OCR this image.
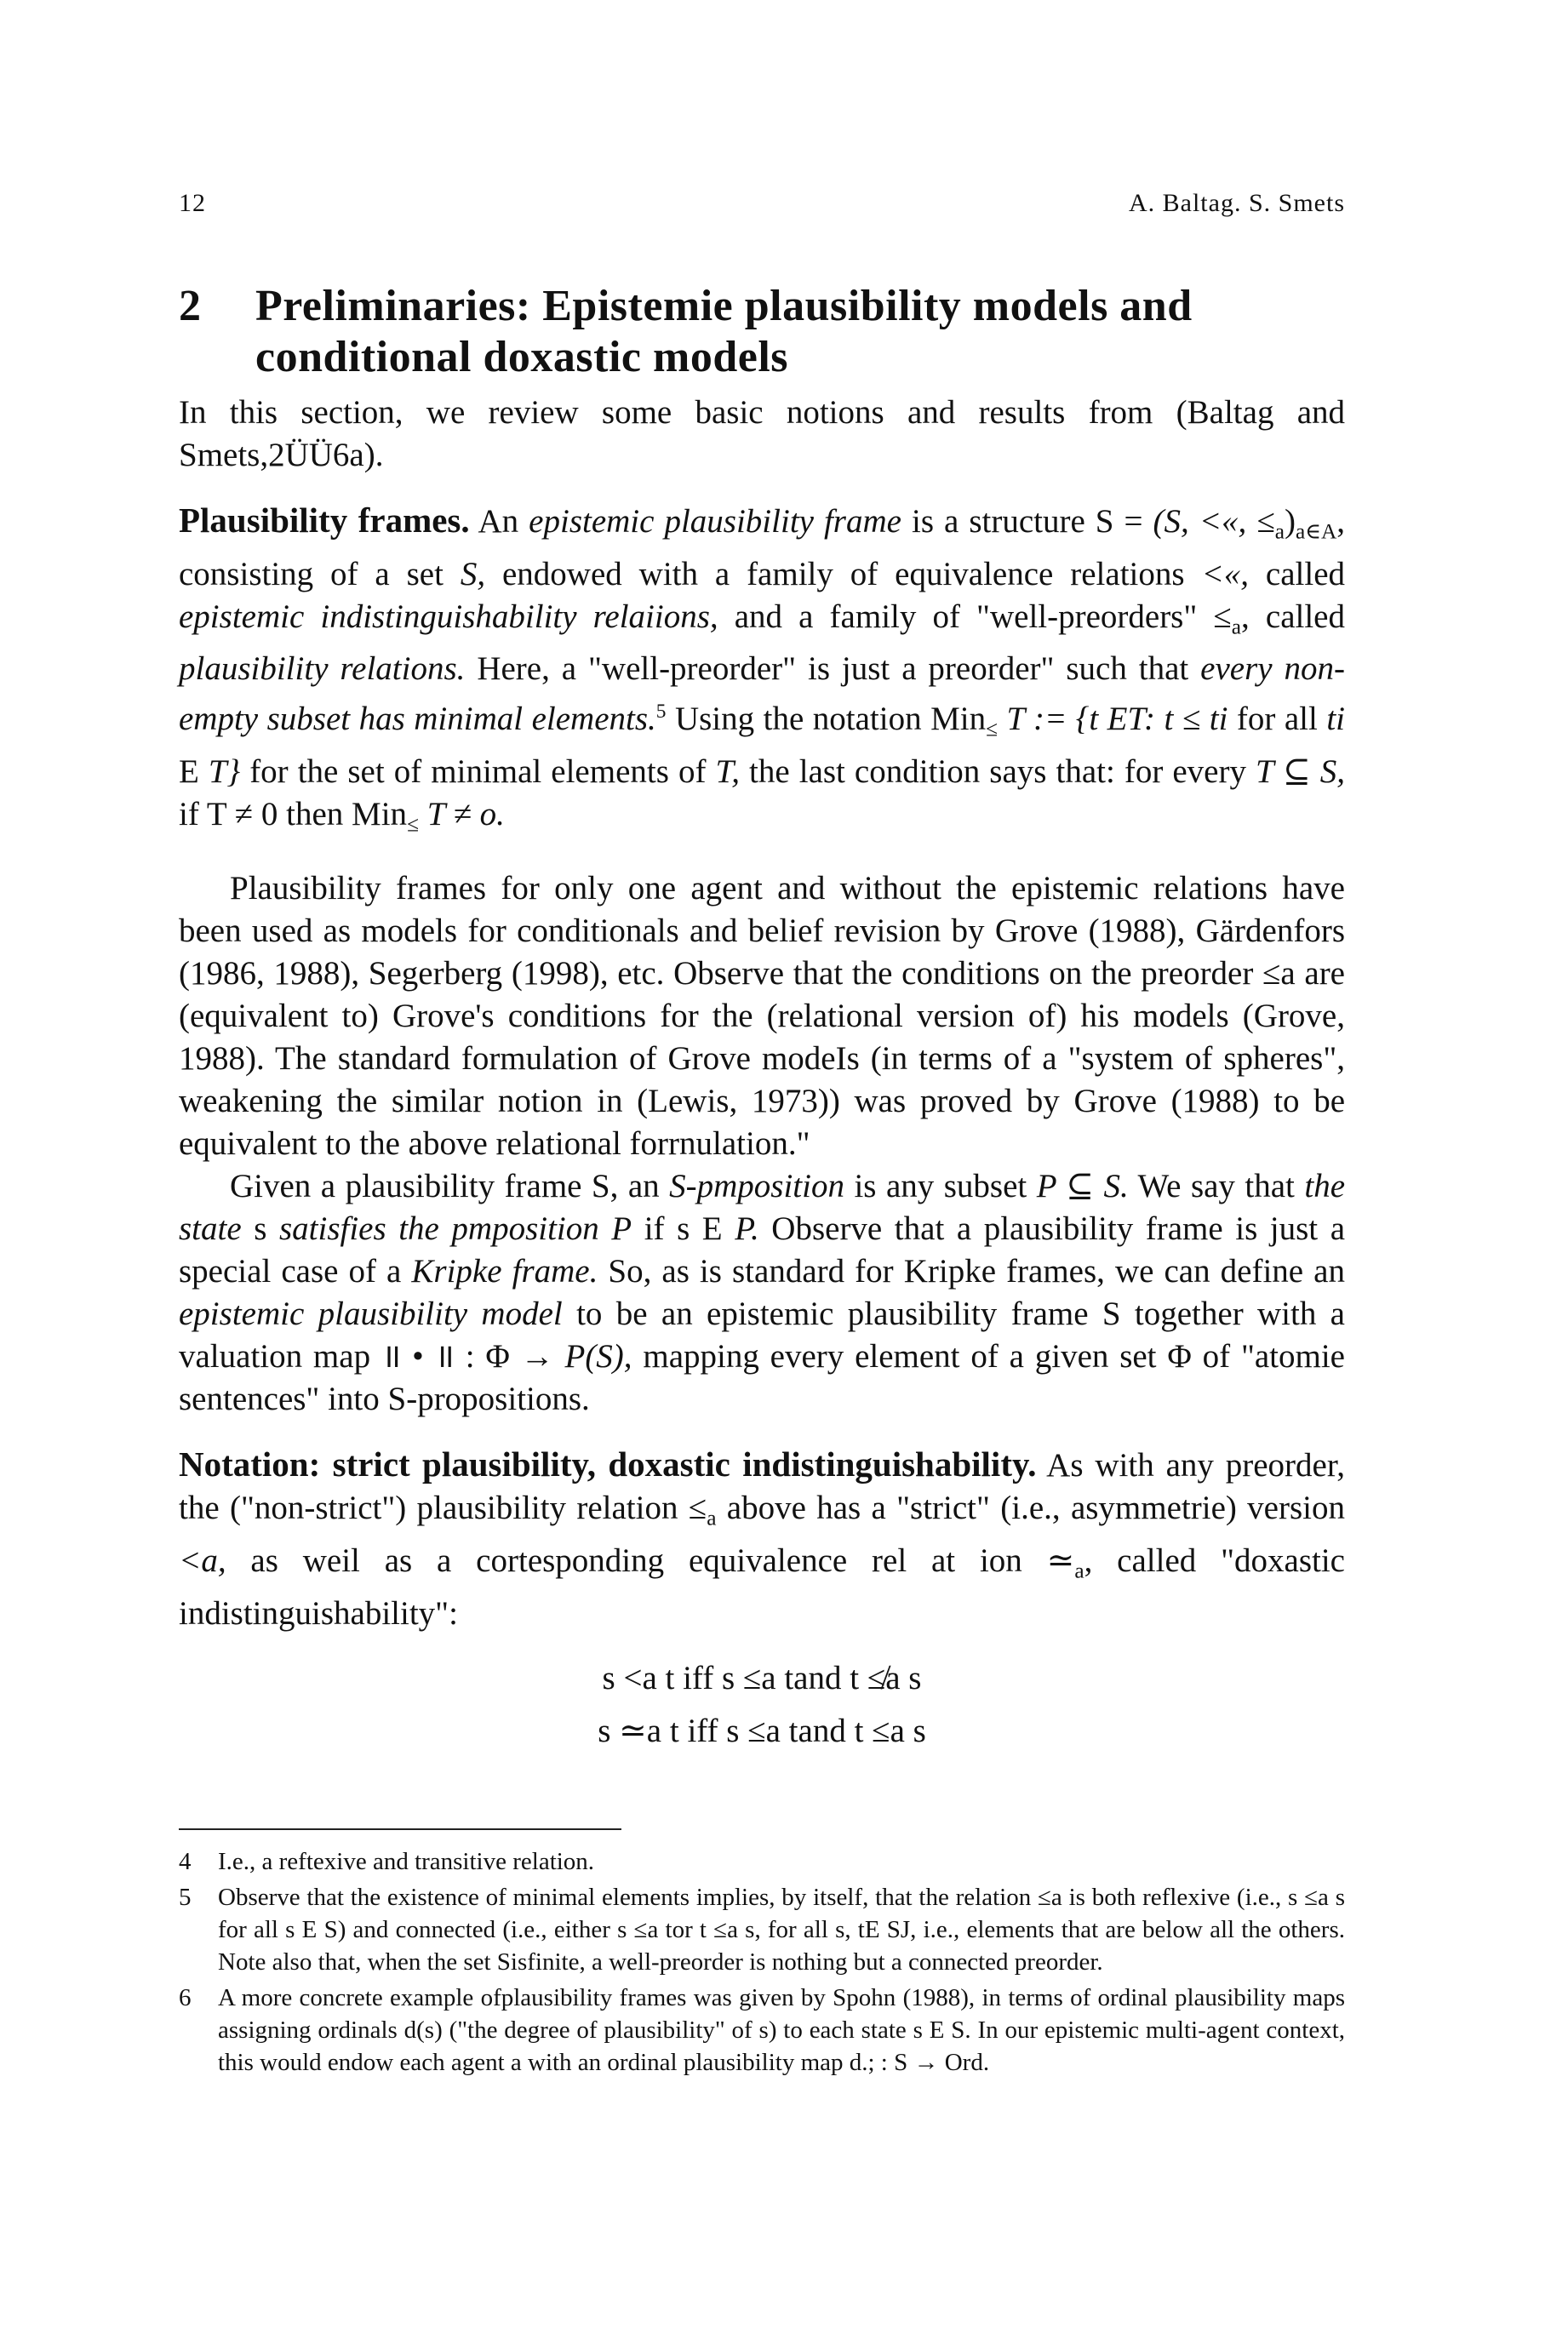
12	A. Baltag. S. Smets
2 Preliminaries: Epistemie plausibility models and conditional doxastic models

In this section, we review some basic notions and results from (Baltag and Smets,2ÜÜ6a).

Plausibility frames. An epistemic plausibility frame is a structure S = (S, <«, $\le_a)_{a\in A}$, consisting of a set S, endowed with a family of equivalence relations <«, called epistemic indistinguishability relaiions, and a family of "well-preorders" $\le_a$, called plausibility relations. Here, a "well-preorder" is just a preorder" such that every non-empty subset has minimal elements.$^5$ Using the notation Min$_\le$ T := {t ET: t ≤ ti for all ti E T} for the set of minimal elements of T, the last condition says that: for every T ⊆ S, if T ≠ 0 then Min$_\le$ T ≠ o.

Plausibility frames for only one agent and without the epistemic relations have been used as models for conditionals and belief revision by Grove (1988), Gärdenfors (1986, 1988), Segerberg (1998), etc. Observe that the conditions on the preorder ≤a are (equivalent to) Grove's conditions for the (relational version of) his models (Grove, 1988). The standard formulation of Grove modeIs (in terms of a "system of spheres", weakening the similar notion in (Lewis, 1973)) was proved by Grove (1988) to be equivalent to the above relational forrnulation."

Given a plausibility frame S, an S-pmposition is any subset P ⊆ S. We say that the state s satisfies the pmposition P if s E P. Observe that a plausibility frame is just a special case of a Kripke frame. So, as is standard for Kripke frames, we can define an epistemic plausibility model to be an epistemic plausibility frame S together with a valuation map ॥ • ॥ : Φ → P(S), mapping every element of a given set Φ of "atomie sentences" into S-propositions.

Notation: strict plausibility, doxastic indistinguishability. As with any preorder, the ("non-strict") plausibility relation $\le_a$ above has a "strict" (i.e., asymmetrie) version <a, as weil as a cortesponding equivalence rel at ion $≃_a$, called "doxastic indistinguishability":

s <a t iff s ≤a tand t ≰a s
s ≃a t iff s ≤a tand t ≤a s
4 I.e., a reftexive and transitive relation.
5 Observe that the existence of minimal elements implies, by itself, that the relation ≤a is both reflexive (i.e., s ≤a s for all s E S) and connected (i.e., either s ≤a tor t ≤a s, for all s, tE SJ, i.e., elements that are below all the others. Note also that, when the set Sisfinite, a well-preorder is nothing but a connected preorder.
6 A more concrete example ofplausibility frames was given by Spohn (1988), in terms of ordinal plausibility maps assigning ordinals d(s) ("the degree of plausibility" of s) to each state s E S. In our epistemic multi-agent context, this would endow each agent a with an ordinal plausibility map d.; : S → Ord.
